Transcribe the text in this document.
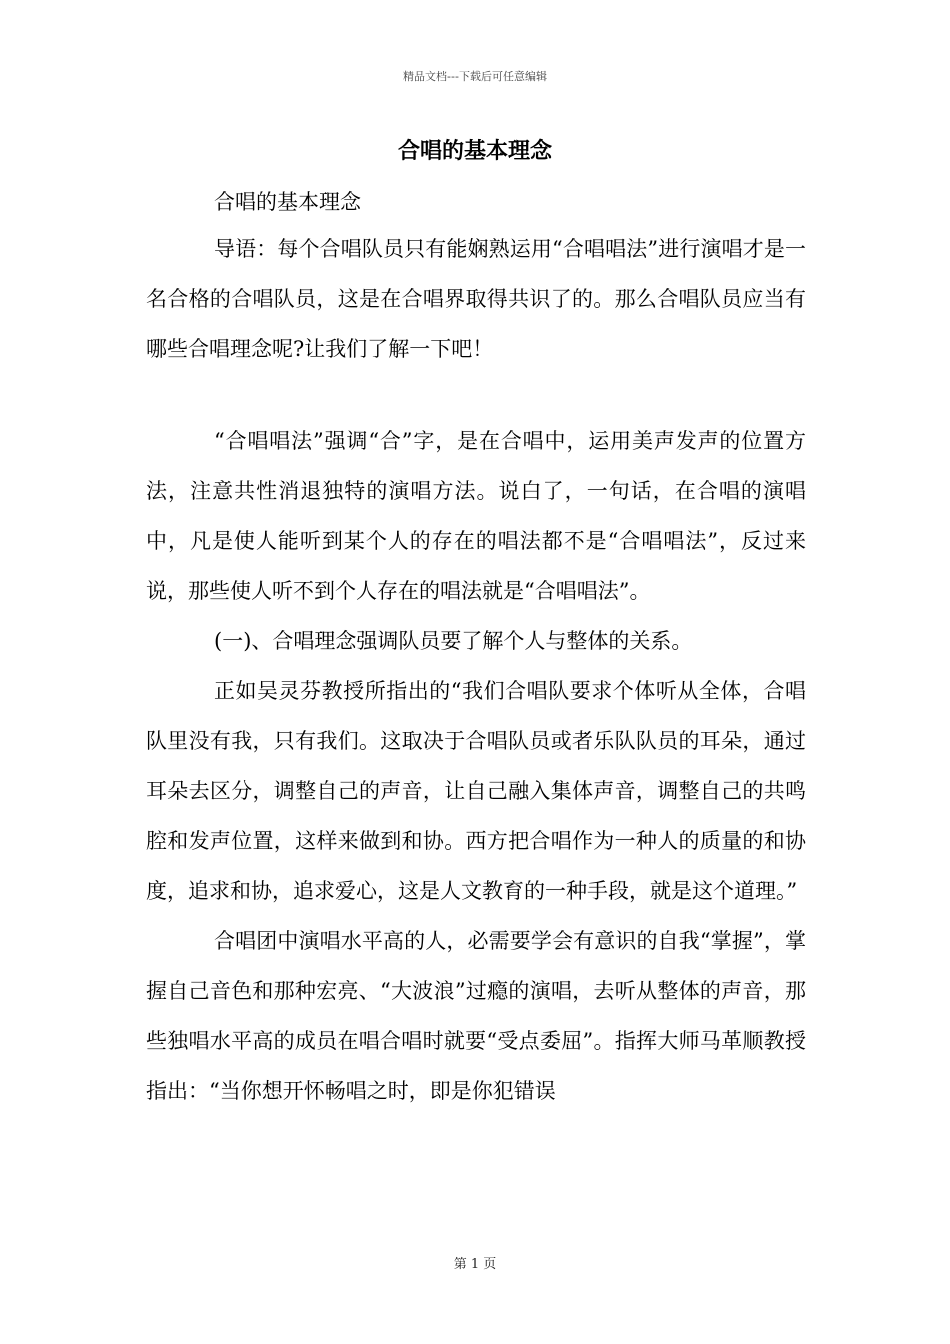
精品文档---下载后可任意编辑
合唱的基本理念

合唱的基本理念

导语：每个合唱队员只有能娴熟运用“合唱唱法”进行演唱才是一名合格的合唱队员，这是在合唱界取得共识了的。那么合唱队员应当有哪些合唱理念呢?让我们了解一下吧！

“合唱唱法”强调“合”字，是在合唱中，运用美声发声的位置方法，注意共性消退独特的演唱方法。说白了，一句话，在合唱的演唱中，凡是使人能听到某个人的存在的唱法都不是“合唱唱法”，反过来说，那些使人听不到个人存在的唱法就是“合唱唱法”。

(一)、合唱理念强调队员要了解个人与整体的关系。

正如吴灵芬教授所指出的“我们合唱队要求个体听从全体，合唱队里没有我，只有我们。这取决于合唱队员或者乐队队员的耳朵，通过耳朵去区分，调整自己的声音，让自己融入集体声音，调整自己的共鸣腔和发声位置，这样来做到和协。西方把合唱作为一种人的质量的和协度，追求和协，追求爱心，这是人文教育的一种手段，就是这个道理。”

合唱团中演唱水平高的人，必需要学会有意识的自我“掌握”，掌握自己音色和那种宏亮、“大波浪”过瘾的演唱，去听从整体的声音，那些独唱水平高的成员在唱合唱时就要“受点委屈”。指挥大师马革顺教授指出：“当你想开怀畅唱之时，即是你犯错误

第 1 页
